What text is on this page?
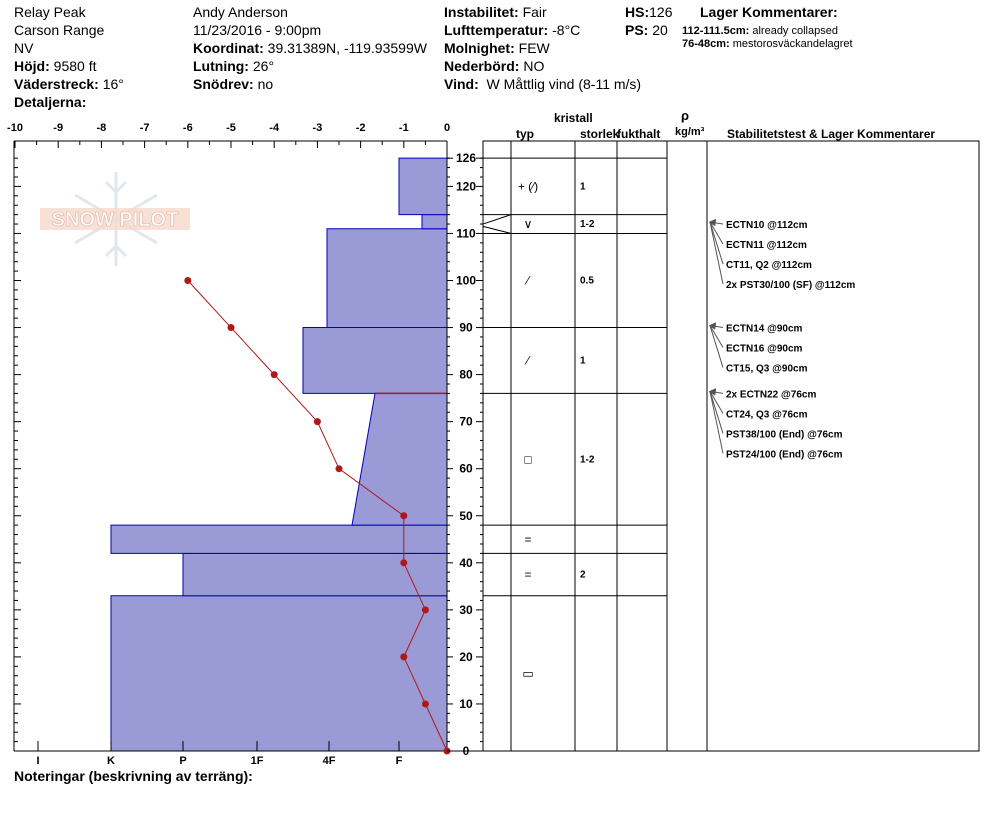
Relay Peak
Carson Range
NV
Höjd: 9580 ft
Väderstreck: 16°
Detaljerna:
Andy Anderson
11/23/2016 - 9:00pm
Koordinat: 39.31389N, -119.93599W
Lutning: 26°
Snödrev: no
Instabilitet: Fair
Lufttemperatur: -8°C
Molnighet: FEW
Nederbörd: NO
Vind: W Måttlig vind (8-11 m/s)
HS:126
PS: 20
Lager Kommentarer:
112-111.5cm: already collapsed
76-48cm: mestorosväckandelagret
kristall
typ	storlek
fukthalt
ρ
kg/m³ Stabilitetstest & Lager Kommentarer
Noteringar (beskrivning av terräng):
SNOW PILOT
-10	-9	-8	-7	-6	-5	-4	-3	-2	-1	0
I	K	P	1F	4F	F
0
10
20
30
40
50
60
70
80
90
100
110
120
126
+ (⁄)	1
∨	1-2
⁄	0.5
⁄	1
□	1-2
=
=	2
▭
ECTN10 @112cm
ECTN11 @112cm
CT11, Q2 @112cm
2x PST30/100 (SF) @112cm
ECTN14 @90cm
ECTN16 @90cm
CT15, Q3 @90cm
2x ECTN22 @76cm
CT24, Q3 @76cm
PST38/100 (End) @76cm
PST24/100 (End) @76cm
